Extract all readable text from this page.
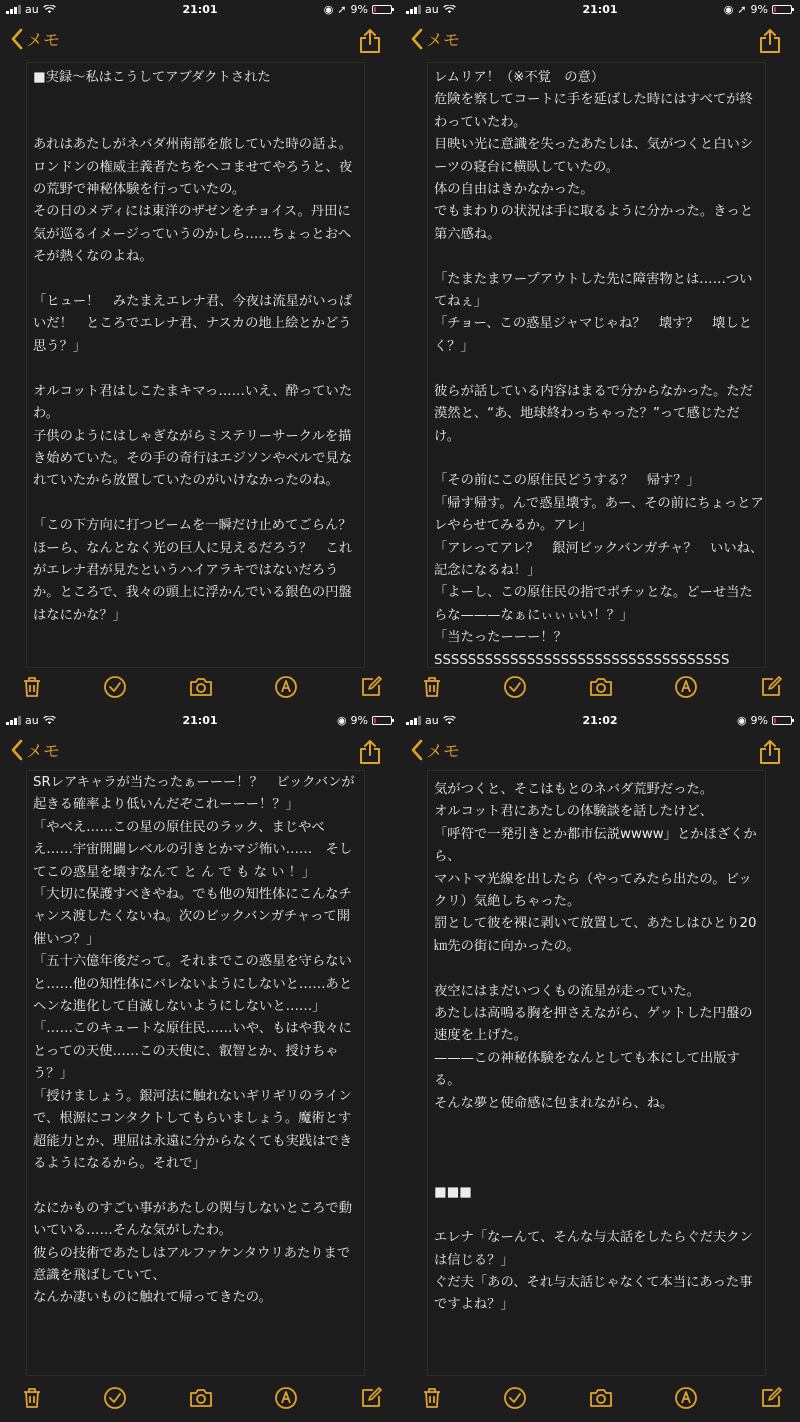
au	21:01	◉ ➚ 9%
メモ

■実録〜私はこうしてアブダクトされた

あれはあたしがネバダ州南部を旅していた時の話よ。
ロンドンの権威主義者たちをヘコませてやろうと、夜の荒野で神秘体験を行っていたの。
その日のメディには東洋のザゼンをチョイス。丹田に気が巡るイメージっていうのかしら……ちょっとおへそが熱くなのよね。

「ヒュー！　みたまえエレナ君、今夜は流星がいっぱいだ！　ところでエレナ君、ナスカの地上絵とかどう思う？」

オルコット君はしこたまキマっ……いえ、酔っていたわ。
子供のようにはしゃぎながらミステリーサークルを描き始めていた。その手の奇行はエジソンやベルで見なれていたから放置していたのがいけなかったのね。

「この下方向に打つビームを一瞬だけ止めてごらん？　ほーら、なんとなく光の巨人に見えるだろう？　これがエレナ君が見たというハイアラキではないだろうか。ところで、我々の頭上に浮かんでいる銀色の円盤はなにかな？」

au	21:01	◉ ➚ 9%
メモ

レムリア！（※不覚　の意）
危険を察してコートに手を延ばした時にはすべてが終わっていたわ。
目映い光に意識を失ったあたしは、気がつくと白いシーツの寝台に横臥していたの。
体の自由はきかなかった。
でもまわりの状況は手に取るように分かった。きっと第六感ね。

「たまたまワープアウトした先に障害物とは……ついてねぇ」
「チョー、この惑星ジャマじゃね？　壊す？　壊しとく？」

彼らが話している内容はまるで分からなかった。ただ漠然と、“あ、地球終わっちゃった？”って感じただけ。

「その前にこの原住民どうする？　帰す？」
「帰す帰す。んで惑星壊す。あー、その前にちょっとアレやらせてみるか。アレ」
「アレってアレ？　銀河ビックバンガチャ？　いいね、記念になるね！」
「よーし、この原住民の指でポチッとな。どーせ当たらな———なぁにぃぃぃい！？」
「当たったーーー！？
SSSSSSSSSSSSSSSSSSSSSSSSSSSSSSSSSSS

au	21:01	◉ 9%
メモ

SRレアキャラが当たったぁーーー！？　ビックバンが起きる確率より低いんだぞこれーーー！？」
「やべえ……この星の原住民のラック、まじやべえ……宇宙開闢レベルの引きとかマジ怖い……　そしてこの惑星を壊すなんて と ん で も な い ！」
「大切に保護すべきやね。でも他の知性体にこんなチャンス渡したくないね。次のビックバンガチャって開催いつ？」
「五十六億年後だって。それまでこの惑星を守らないと……他の知性体にバレないようにしないと……あとヘンな進化して自滅しないようにしないと……」
「……このキュートな原住民……いや、もはや我々にとっての天使……この天使に、叡智とか、授けちゃう？」
「授けましょう。銀河法に触れないギリギリのラインで、根源にコンタクトしてもらいましょう。魔術とす超能力とか、理屈は永遠に分からなくても実践はできるようになるから。それで」

なにかものすごい事があたしの関与しないところで動いている……そんな気がしたわ。
彼らの技術であたしはアルファケンタウリあたりまで意識を飛ばしていて、
なんか凄いものに触れて帰ってきたの。

au	21:02	◉ 9%
メモ

気がつくと、そこはもとのネバダ荒野だった。
オルコット君にあたしの体験談を話したけど、
「呼符で一発引きとか都市伝説wwww」とかほざくから、
マハトマ光線を出したら（やってみたら出たの。ビックリ）気絶しちゃった。
罰として彼を裸に剥いて放置して、あたしはひとり20㎞先の街に向かったの。

夜空にはまだいつくもの流星が走っていた。
あたしは高鳴る胸を押さえながら、ゲットした円盤の速度を上げた。
———この神秘体験をなんとしても本にして出版する。
そんな夢と使命感に包まれながら、ね。

■■■

エレナ「なーんて、そんな与太話をしたらぐだ夫クンは信じる？」
ぐだ夫「あの、それ与太話じゃなくて本当にあった事ですよね？」
